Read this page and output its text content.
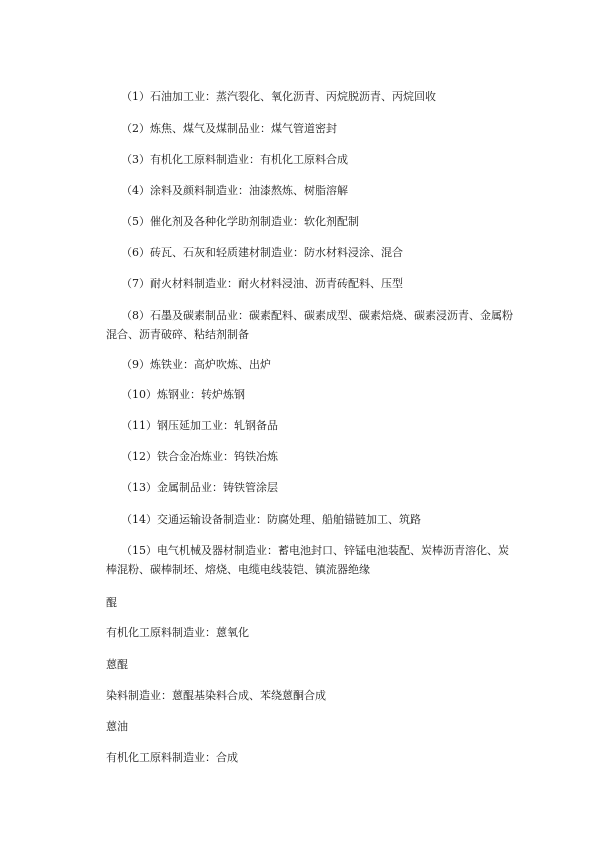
（1）石油加工业：蒸汽裂化、氧化沥青、丙烷脱沥青、丙烷回收
（2）炼焦、煤气及煤制品业：煤气管道密封
（3）有机化工原料制造业：有机化工原料合成
（4）涂料及颜料制造业：油漆熬炼、树脂溶解
（5）催化剂及各种化学助剂制造业：软化剂配制
（6）砖瓦、石灰和轻质建材制造业：防水材料浸涂、混合
（7）耐火材料制造业：耐火材料浸油、沥青砖配料、压型
（8）石墨及碳素制品业：碳素配料、碳素成型、碳素焙烧、碳素浸沥青、金属粉混合、沥青破碎、粘结剂制备
（9）炼铁业：高炉吹炼、出炉
（10）炼钢业：转炉炼钢
（11）钢压延加工业：轧钢备品
（12）铁合金冶炼业：钨铁冶炼
（13）金属制品业：铸铁管涂层
（14）交通运输设备制造业：防腐处理、船舶锚链加工、筑路
（15）电气机械及器材制造业：蓄电池封口、锌锰电池装配、炭棒沥青溶化、炭棒混粉、碳棒制坯、熔烧、电缆电线装铠、镇流器绝缘
醌
有机化工原料制造业：蒽氧化
蒽醌
染料制造业：蒽醌基染料合成、苯绕蒽酮合成
蒽油
有机化工原料制造业：合成
